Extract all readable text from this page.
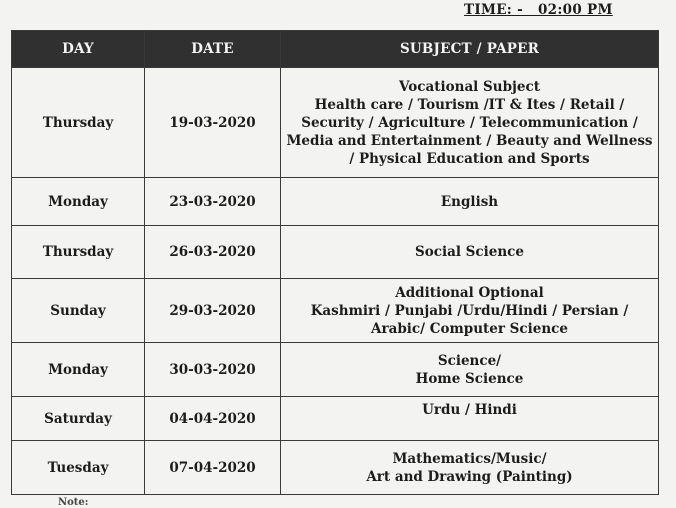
TIME: -   02:00 PM
DAY	DATE	SUBJECT / PAPER
Thursday	19-03-2020	Vocational Subject
Health care / Tourism /IT & Ites / Retail /
Security / Agriculture / Telecommunication /
Media and Entertainment / Beauty and Wellness
/ Physical Education and Sports

Monday	23-03-2020	English

Thursday	26-03-2020	Social Science

Sunday	29-03-2020	Additional Optional
Kashmiri / Punjabi /Urdu/Hindi / Persian /
Arabic/ Computer Science

Monday	30-03-2020	Science/
Home Science

Saturday	04-04-2020	Urdu / Hindi

Tuesday	07-04-2020	Mathematics/Music/
Art and Drawing (Painting)
Note:
